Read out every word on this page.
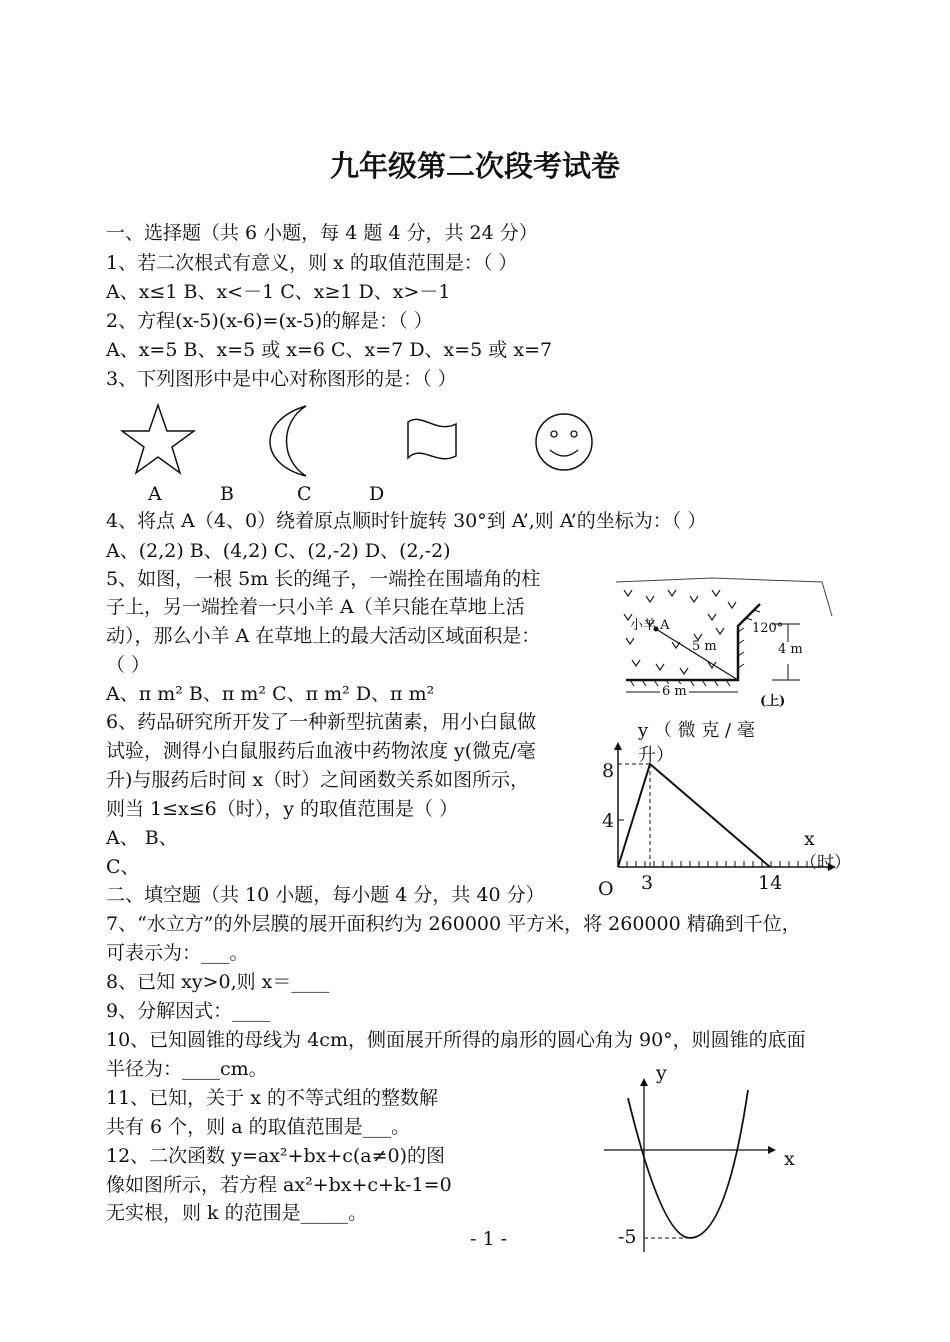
九年级第二次段考试卷
一、选择题（共 6 小题，每 4 题 4 分，共 24 分）
1、若二次根式有意义，则 x 的取值范围是：（ ）
A、x≤1 B、x<－1 C、x≥1 D、x>－1
2、方程(x-5)(x-6)=(x-5)的解是：（ ）
A、x=5 B、x=5 或 x=6 C、x=7 D、x=5 或 x=7
3、下列图形中是中心对称图形的是：（ ）
A	B	C	D
4、将点 A（4、0）绕着原点顺时针旋转 30°到 A’,则 A’的坐标为：（ ）
A、(2,2) B、(4,2) C、(2,-2) D、(2,-2)
5、如图，一根 5m 长的绳子，一端拴在围墙角的柱
子上，另一端拴着一只小羊 A（羊只能在草地上活
动），那么小羊 A 在草地上的最大活动区域面积是：
（ ）
A、π m² B、π m² C、π m² D、π m²
小羊 A
5 m
120°
4 m
6 m
(上)
6、药品研究所开发了一种新型抗菌素，用小白鼠做
试验，测得小白鼠服药后血液中药物浓度 y(微克/毫
升)与服药后时间 x（时）之间函数关系如图所示，
则当 1≤x≤6（时），y 的取值范围是（ ）
A、 B、
C、
y （ 微 克 / 毫
升）
8
4
x
（时）
O 3	14
二、填空题（共 10 小题，每小题 4 分，共 40 分）
7、“水立方”的外层膜的展开面积约为 260000 平方米，将 260000 精确到千位，
可表示为：___。
8、已知 xy>0,则 x＝____
9、分解因式：____
10、已知圆锥的母线为 4cm，侧面展开所得的扇形的圆心角为 90°，则圆锥的底面
半径为：____cm。
11、已知，关于 x 的不等式组的整数解
共有 6 个，则 a 的取值范围是___。
12、二次函数 y=ax²+bx+c(a≠0)的图
像如图所示，若方程 ax²+bx+c+k-1=0
无实根，则 k 的范围是_____。
y
x
-5
- 1 -
